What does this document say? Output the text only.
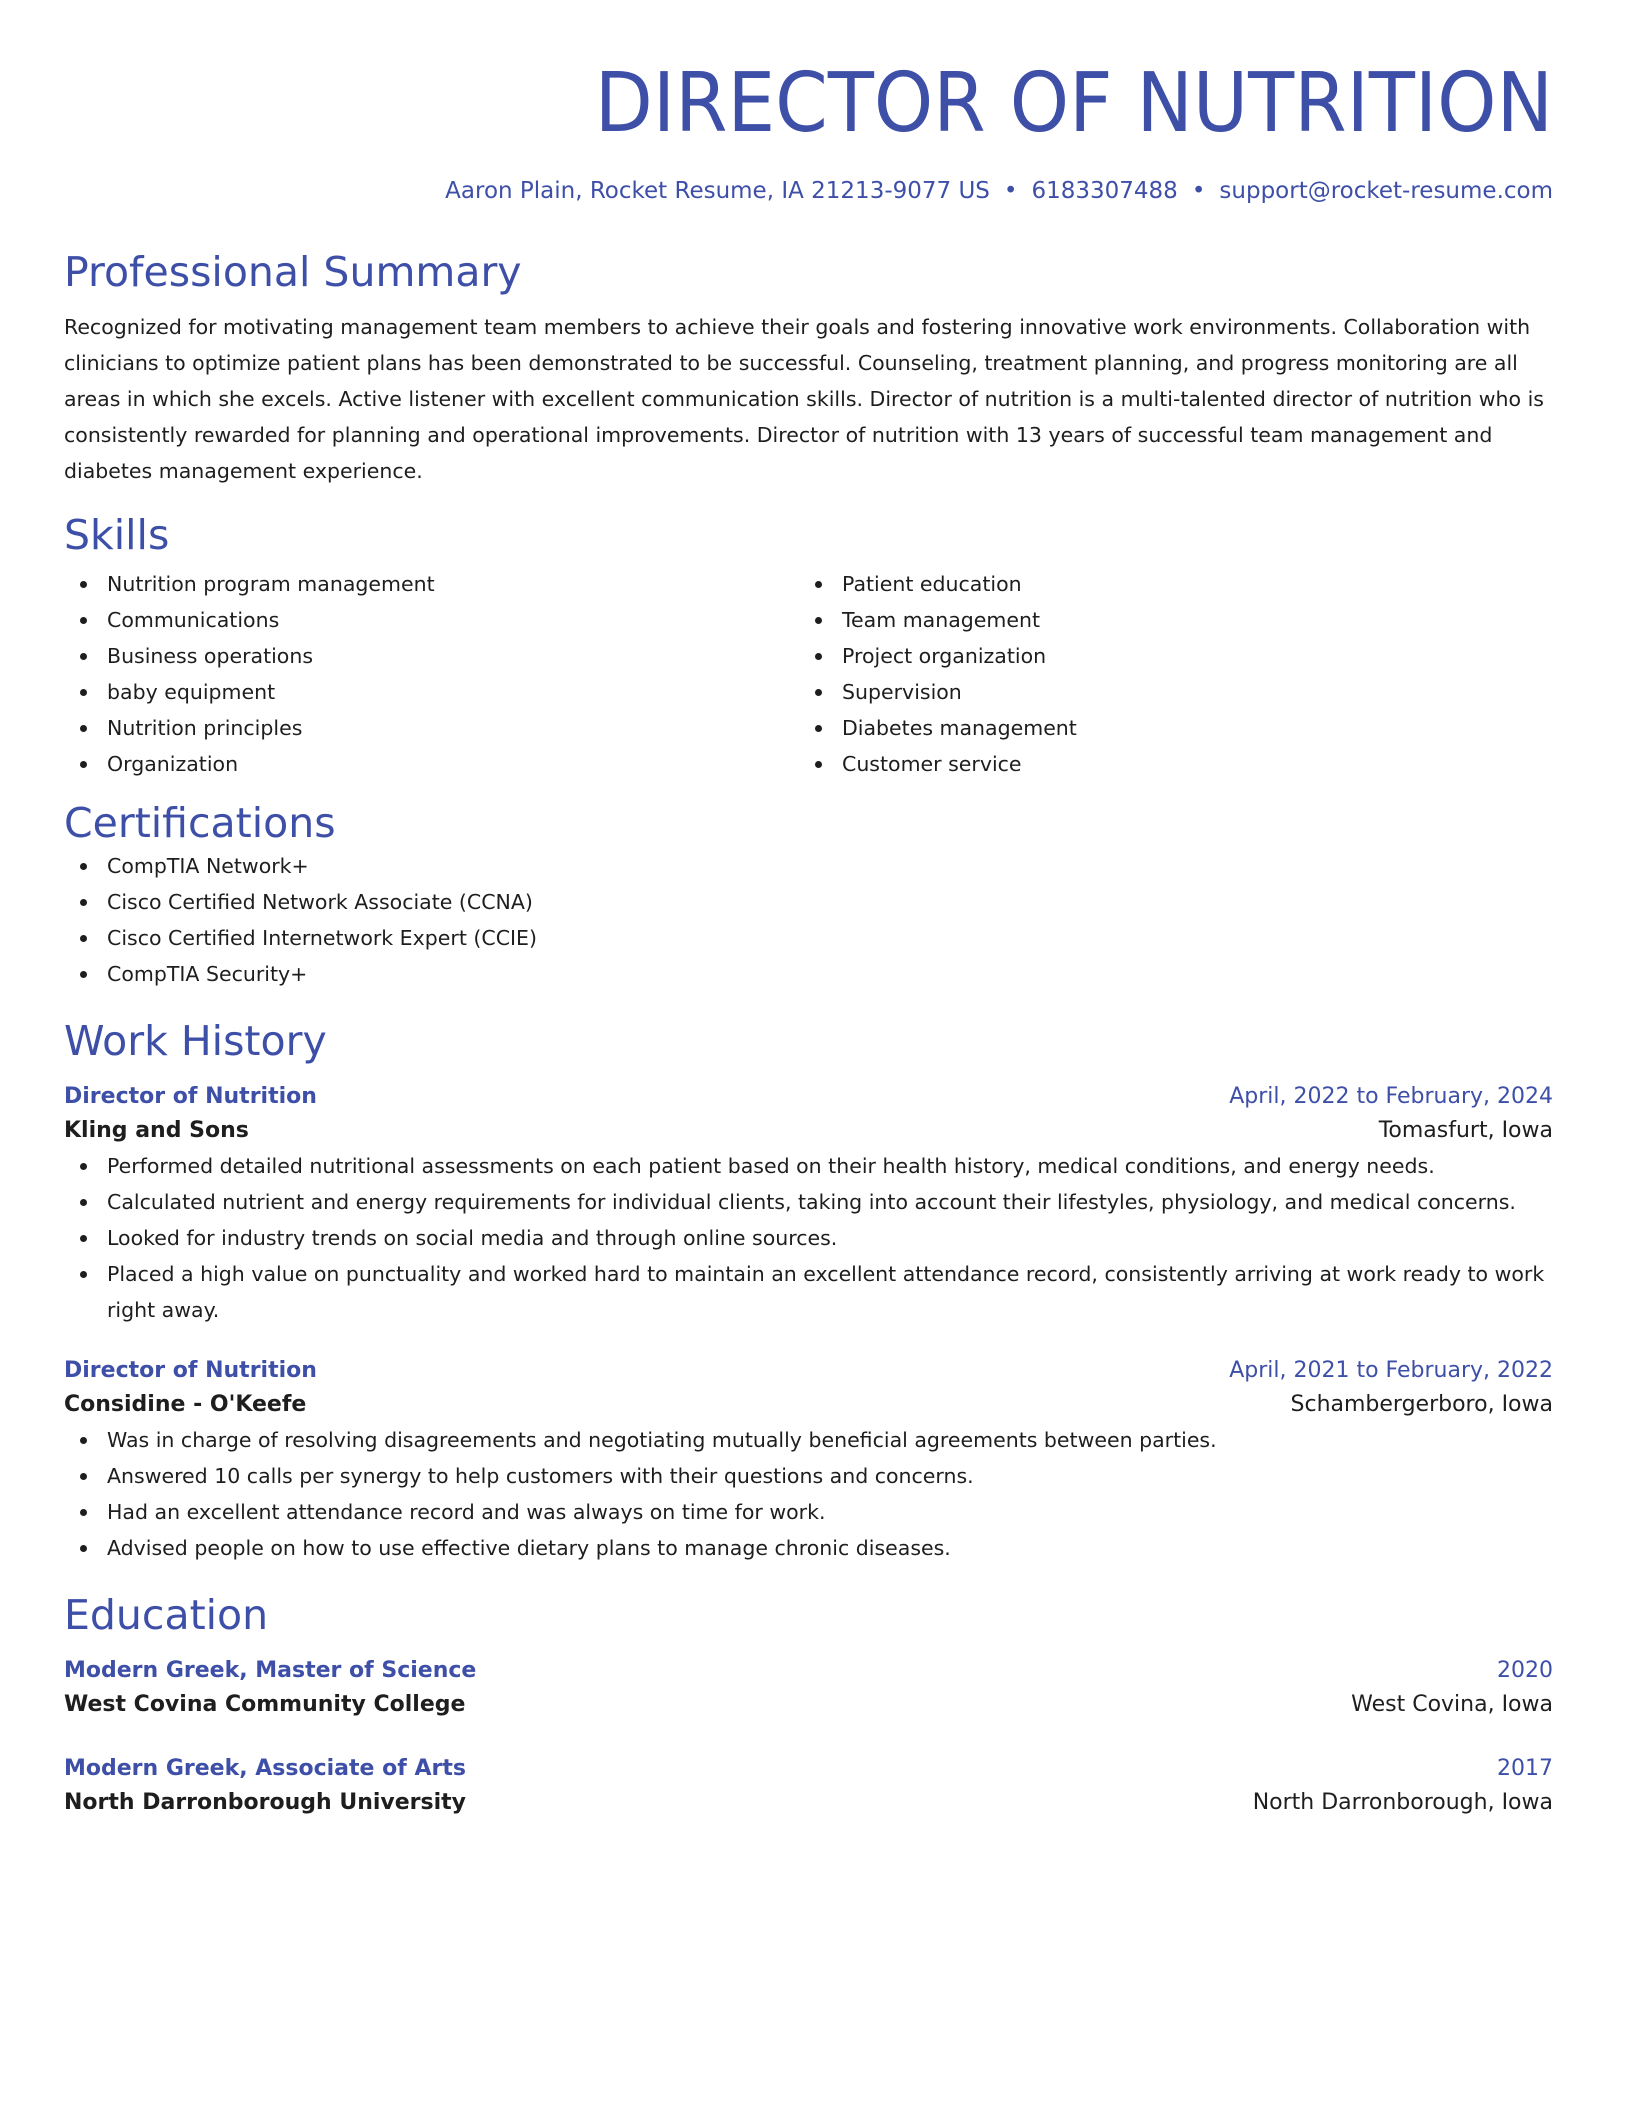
DIRECTOR OF NUTRITION
Aaron Plain, Rocket Resume, IA 21213-9077 US • 6183307488 • support@rocket-resume.com
Professional Summary
Recognized for motivating management team members to achieve their goals and fostering innovative work environments. Collaboration with clinicians to optimize patient plans has been demonstrated to be successful. Counseling, treatment planning, and progress monitoring are all areas in which she excels. Active listener with excellent communication skills. Director of nutrition is a multi-talented director of nutrition who is consistently rewarded for planning and operational improvements. Director of nutrition with 13 years of successful team management and diabetes management experience.
Skills
Nutrition program management
Communications
Business operations
baby equipment
Nutrition principles
Organization
Patient education
Team management
Project organization
Supervision
Diabetes management
Customer service
Certifications
CompTIA Network+
Cisco Certified Network Associate (CCNA)
Cisco Certified Internetwork Expert (CCIE)
CompTIA Security+
Work History
Director of Nutrition	April, 2022 to February, 2024
Kling and Sons	Tomasfurt, Iowa
Performed detailed nutritional assessments on each patient based on their health history, medical conditions, and energy needs.
Calculated nutrient and energy requirements for individual clients, taking into account their lifestyles, physiology, and medical concerns.
Looked for industry trends on social media and through online sources.
Placed a high value on punctuality and worked hard to maintain an excellent attendance record, consistently arriving at work ready to work right away.
Director of Nutrition	April, 2021 to February, 2022
Considine - O'Keefe	Schambergerboro, Iowa
Was in charge of resolving disagreements and negotiating mutually beneficial agreements between parties.
Answered 10 calls per synergy to help customers with their questions and concerns.
Had an excellent attendance record and was always on time for work.
Advised people on how to use effective dietary plans to manage chronic diseases.
Education
Modern Greek, Master of Science	2020
West Covina Community College	West Covina, Iowa
Modern Greek, Associate of Arts	2017
North Darronborough University	North Darronborough, Iowa
